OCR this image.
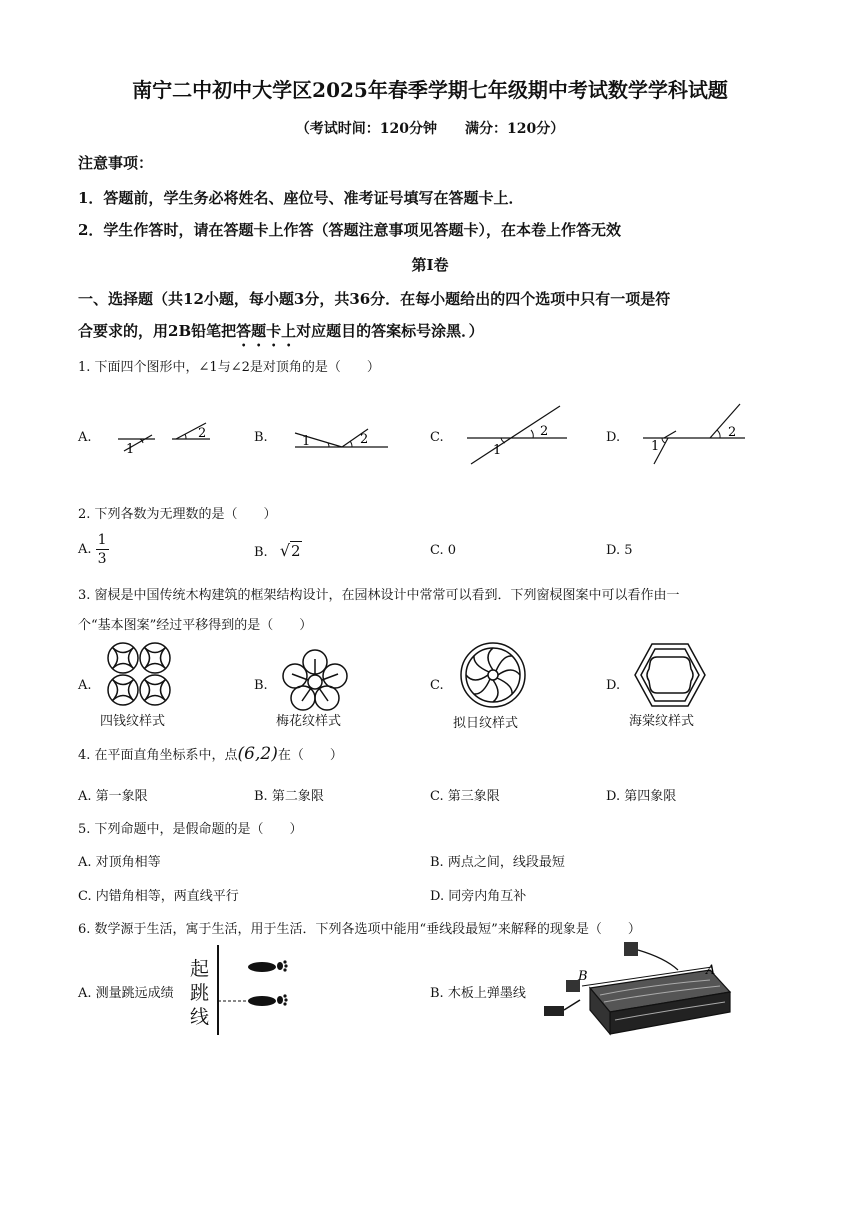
南宁二中初中大学区2025年春季学期七年级期中考试数学学科试题
（考试时间：120分钟　　满分：120分）
注意事项：
1．答题前，学生务必将姓名、座位号、准考证号填写在答题卡上．
2．学生作答时，请在答题卡上作答（答题注意事项见答题卡），在本卷上作答无效
第I卷
一、选择题（共12小题，每小题3分，共36分．在每小题给出的四个选项中只有一项是符
合要求的，用2B铅笔把答题卡上对应题目的答案标号涂黑．）
1. 下面四个图形中，∠1与∠2是对顶角的是（　　）
A.	B.	C.	D.
1
2
1	2
1
2
1
2
2. 下列各数为无理数的是（　　）
A. $\frac{1}{3}$	B. √2	C. 0	D. 5
3. 窗棂是中国传统木构建筑的框架结构设计，在园林设计中常常可以看到．下列窗棂图案中可以看作由一
个“基本图案”经过平移得到的是（　　）
A.	B.	C.	D.
四钱纹样式	梅花纹样式	拟日纹样式	海棠纹样式
4. 在平面直角坐标系中，点(6,2)在（　　）
A. 第一象限	B. 第二象限	C. 第三象限	D. 第四象限
5. 下列命题中，是假命题的是（　　）
A. 对顶角相等	B. 两点之间，线段最短
C. 内错角相等，两直线平行	D. 同旁内角互补
6. 数学源于生活，寓于生活，用于生活．下列各选项中能用“垂线段最短”来解释的现象是（　　）
A. 测量跳远成绩	B. 木板上弹墨线
起
跳
线
A
B
